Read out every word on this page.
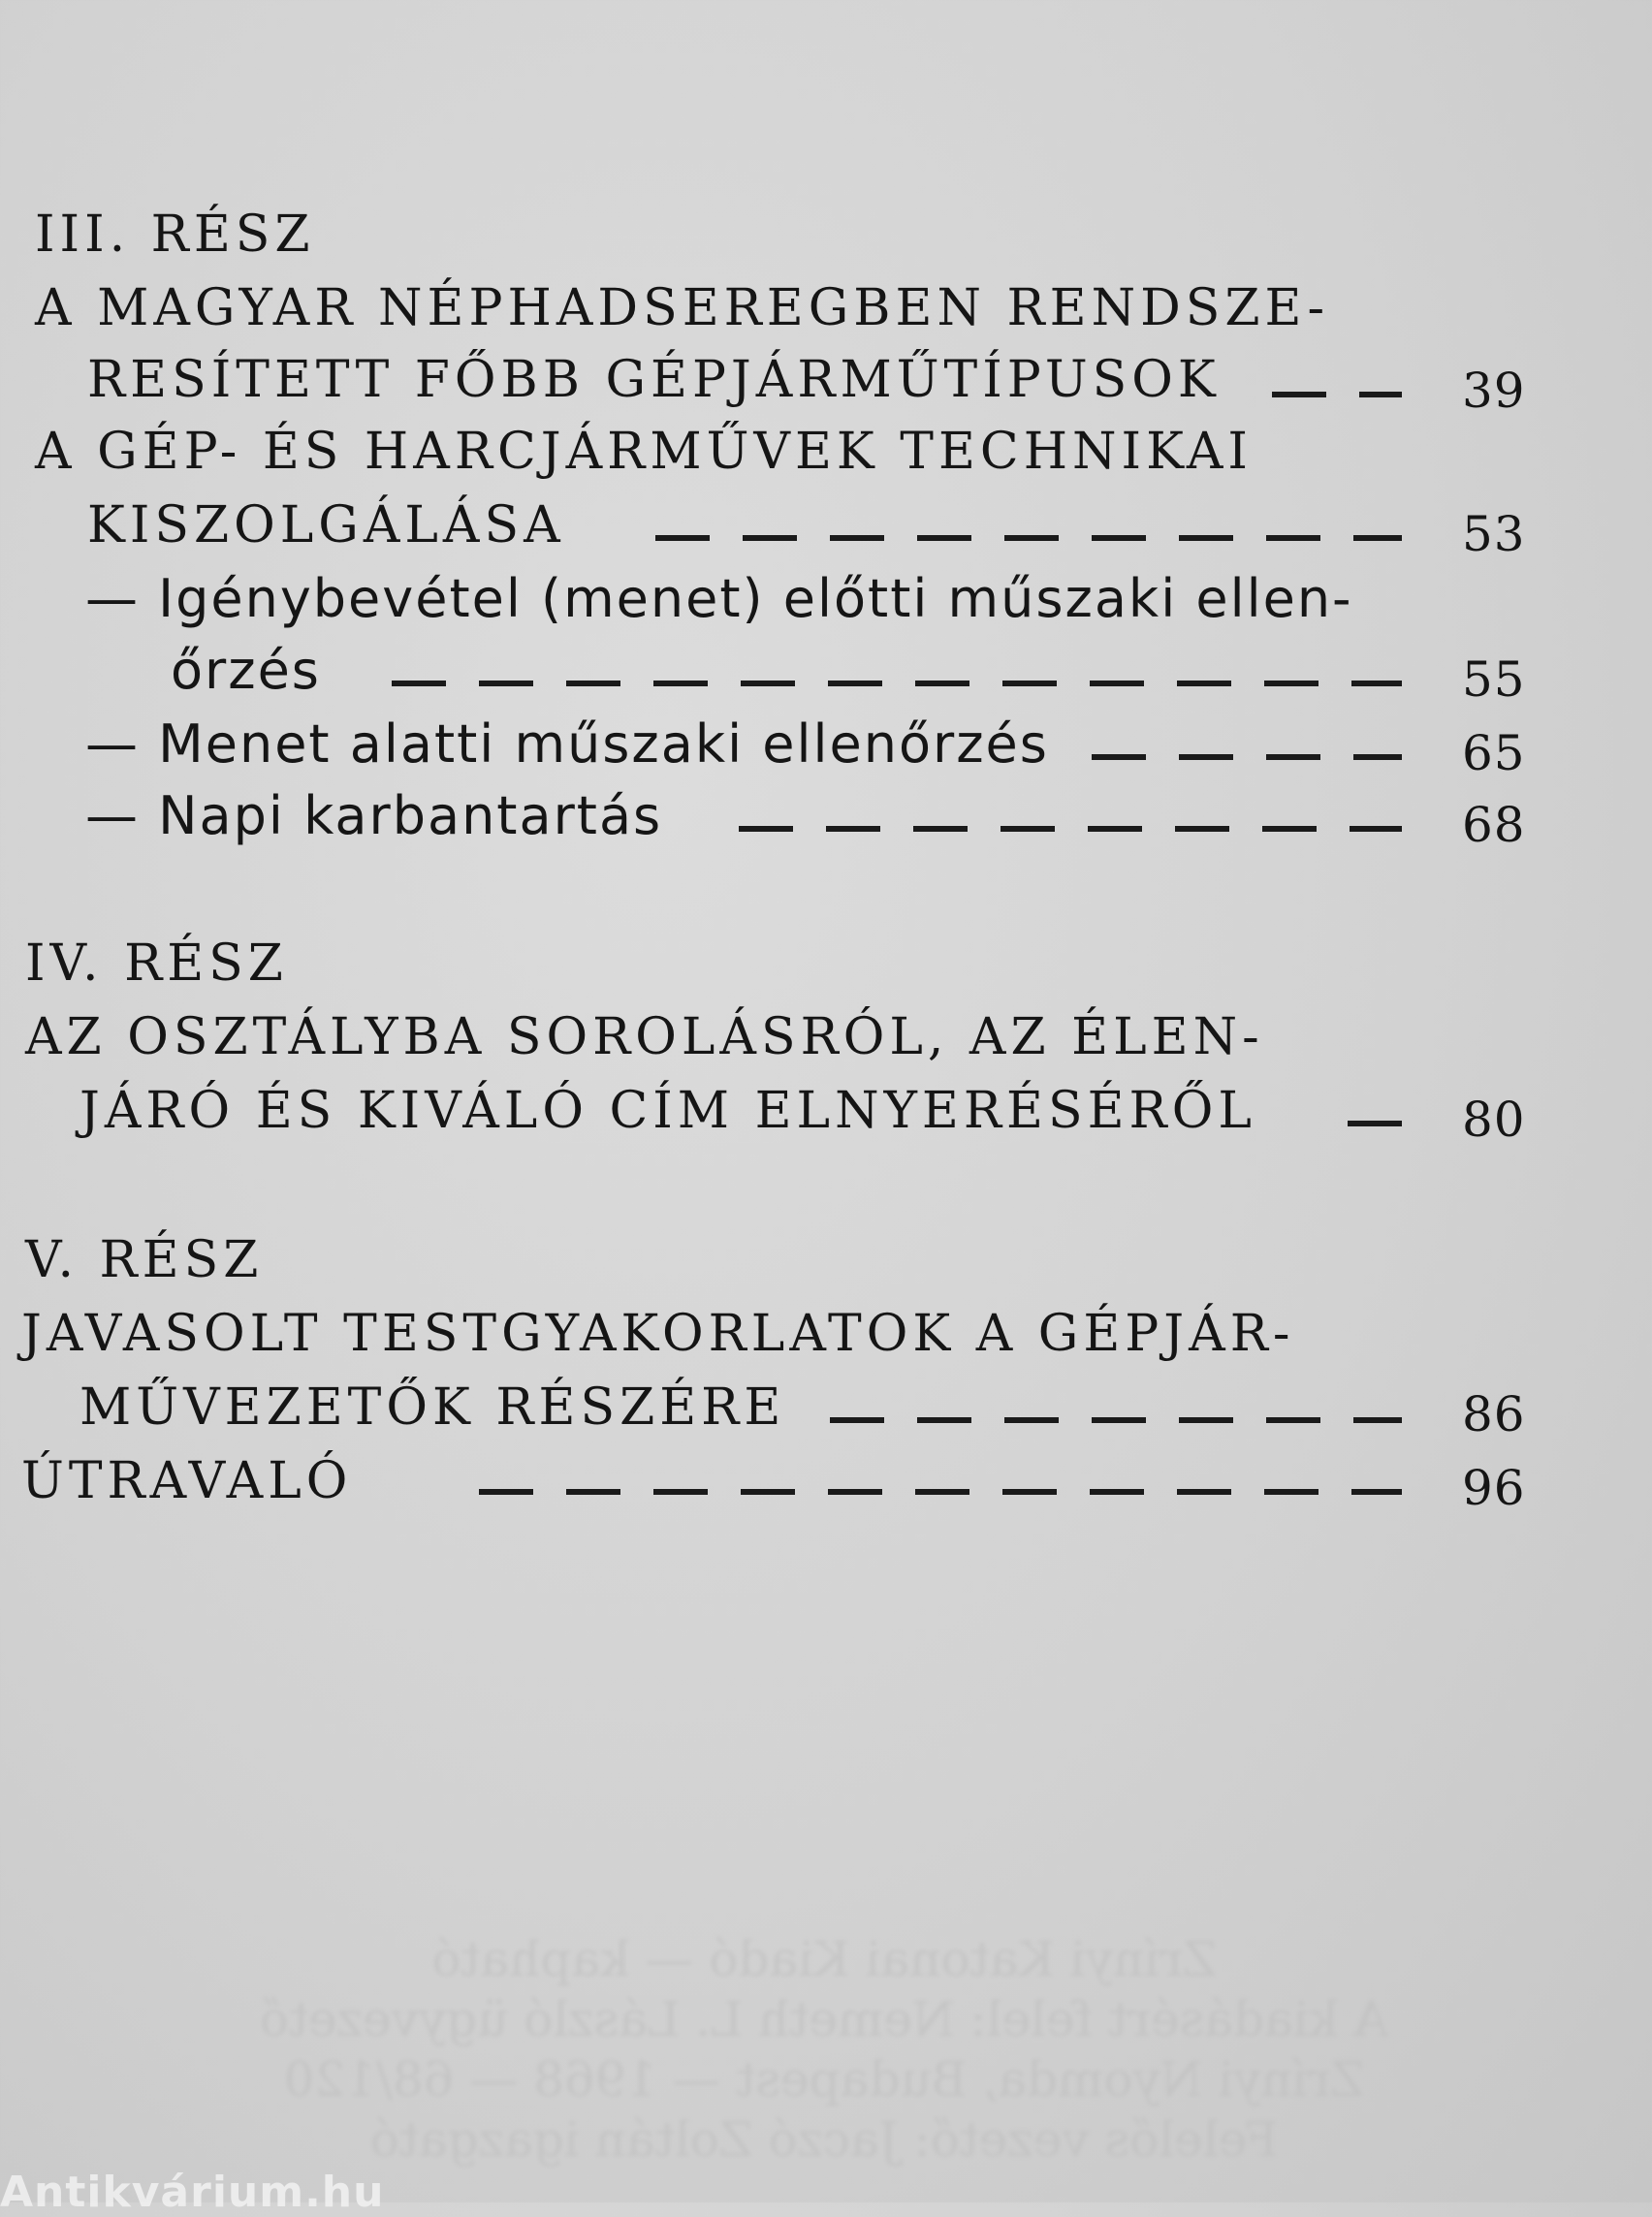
III. RÉSZ
A MAGYAR NÉPHADSEREGBEN RENDSZE-
RESÍTETT FŐBB GÉPJÁRMŰTÍPUSOK	39
A GÉP- ÉS HARCJÁRMŰVEK TECHNIKAI
KISZOLGÁLÁSA	53
— Igénybevétel (menet) előtti műszaki ellen-
őrzés	55
— Menet alatti műszaki ellenőrzés	65
— Napi karbantartás	68
IV. RÉSZ
AZ OSZTÁLYBA SOROLÁSRÓL, AZ ÉLEN-
JÁRÓ ÉS KIVÁLÓ CÍM ELNYERÉSÉRŐL	80
V. RÉSZ
JAVASOLT TESTGYAKORLATOK A GÉPJÁR-
MŰVEZETŐK RÉSZÉRE	86
ÚTRAVALÓ	96
Zrínyi Katonai Kiadó — kapható
A kiadásért felel: Nemeth L. László ügyvezető
Zrínyi Nyomda, Budapest — 1968 — 68/120
Felelős vezető: Jaczó Zoltán igazgató
Antikvárium.hu
